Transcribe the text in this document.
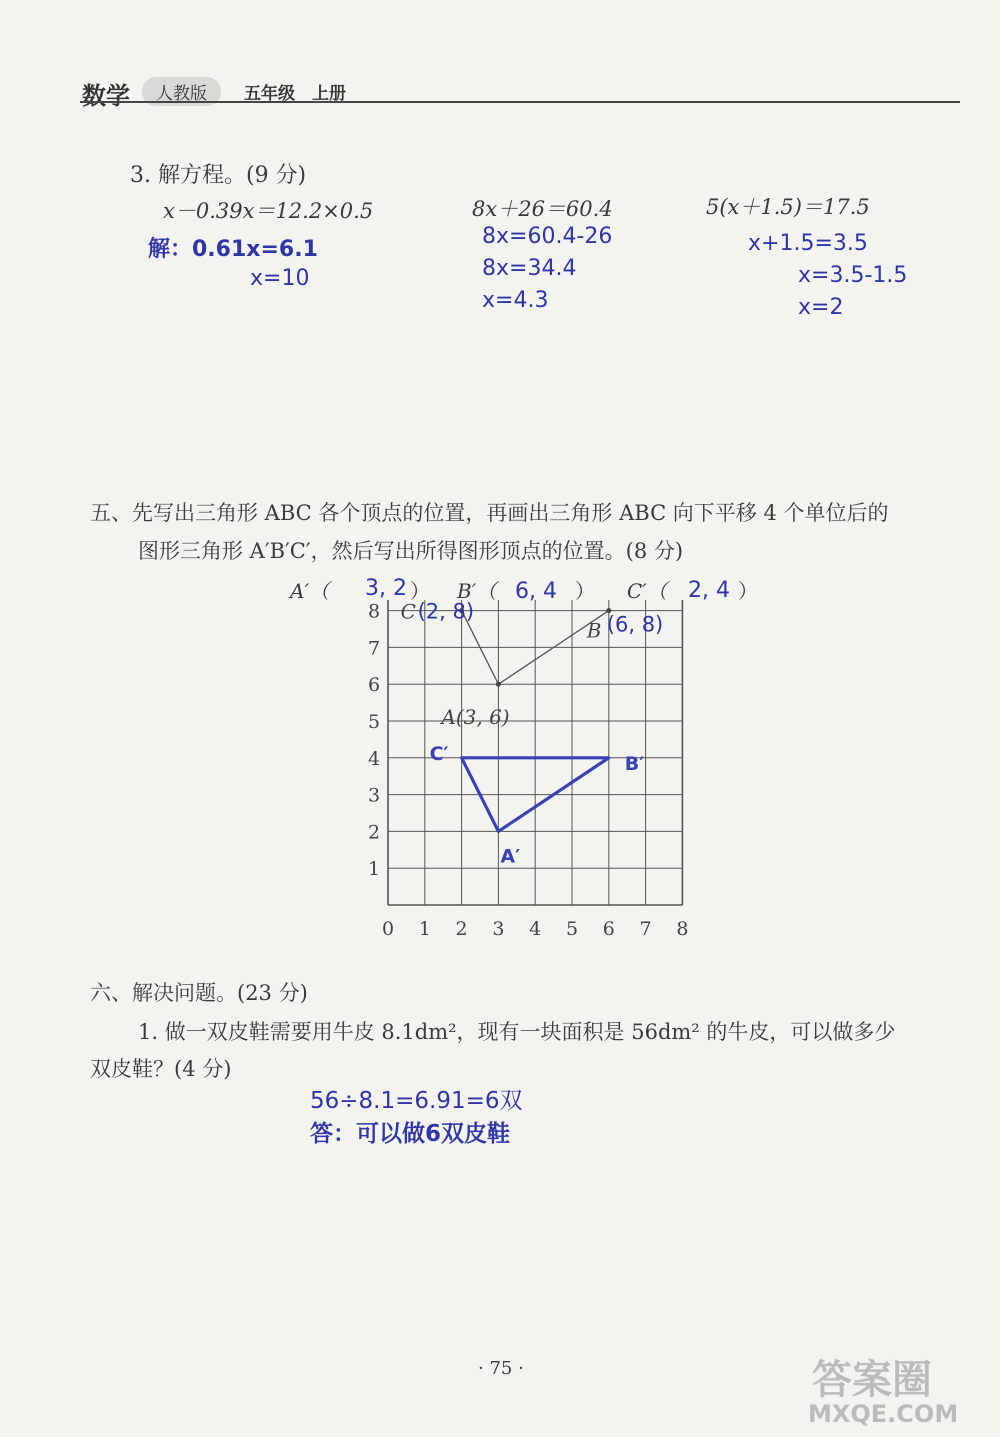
数学	人教版	五年级 上册
3. 解方程。(9 分)
x－0.39x＝12.2×0.5	8x＋26＝60.4	5(x＋1.5)＝17.5
解：0.61x=6.1
x=10
8x=60.4-26
8x=34.4
x=4.3
x+1.5=3.5
x=3.5-1.5
x=2
五、先写出三角形 ABC 各个顶点的位置，再画出三角形 ABC 向下平移 4 个单位后的
图形三角形 A′B′C′，然后写出所得图形顶点的位置。(8 分)
A′（ 3, 2 ） B′（ 6, 4 ） C′（ 2, 4 ）
0 1 2 3 4 5 6 7 8
1
2
3
4
5
6
7
8
A(3, 6)
B (6, 8)
C (2, 8)
A′
B′
C′
六、解决问题。(23 分)
1. 做一双皮鞋需要用牛皮 8.1dm²，现有一块面积是 56dm² 的牛皮，可以做多少
双皮鞋？(4 分)
56÷8.1=6.91=6双
答：可以做6双皮鞋
· 75 ·	答案圈
MXQE.COM
